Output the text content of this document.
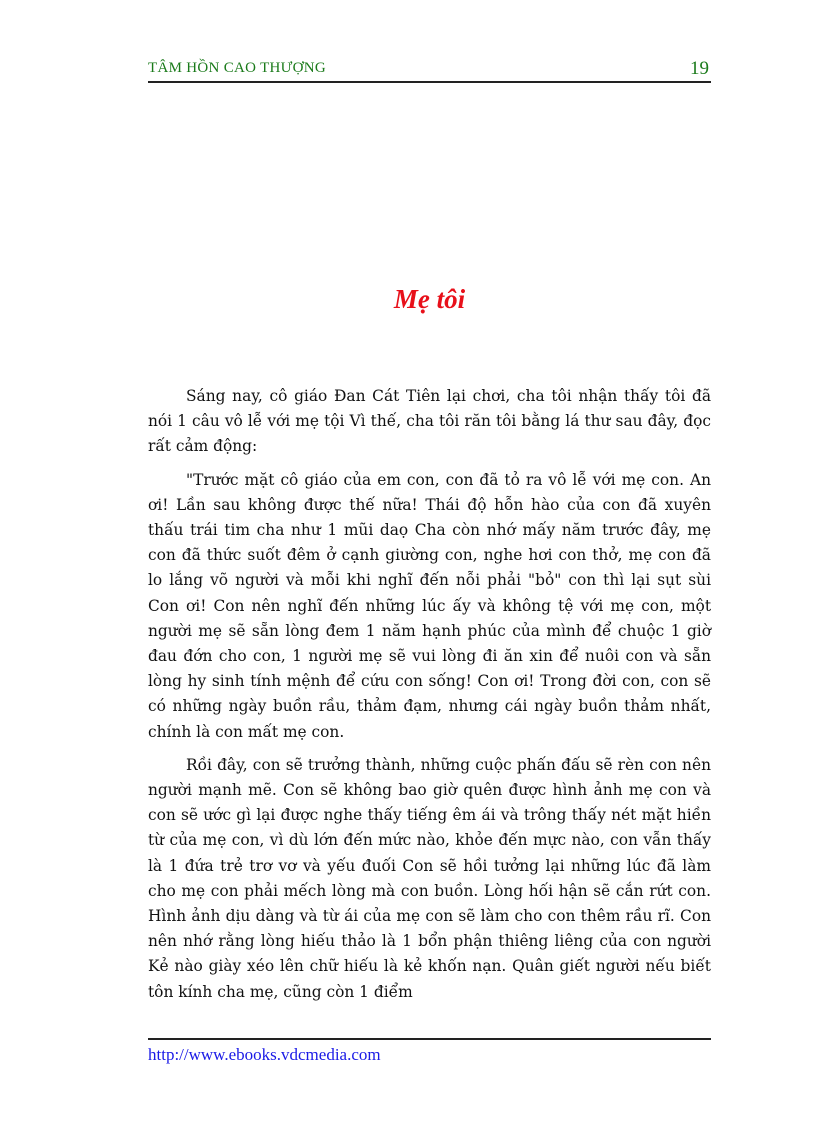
TÂM HỒN CAO THƯỢNG	19
Mẹ tôi

Sáng nay, cô giáo Đan Cát Tiên lại chơi, cha tôi nhận thấy tôi đã nói 1 câu vô lễ với mẹ tội Vì thế, cha tôi răn tôi bằng lá thư sau đây, đọc rất cảm động:

"Trước mặt cô giáo của em con, con đã tỏ ra vô lễ với mẹ con. An ơi! Lần sau không được thế nữa! Thái độ hỗn hào của con đã xuyên thấu trái tim cha như 1 mũi daọ Cha còn nhớ mấy năm trước đây, mẹ con đã thức suốt đêm ở cạnh giường con, nghe hơi con thở, mẹ con đã lo lắng võ người và mỗi khi nghĩ đến nỗi phải "bỏ" con thì lại sụt sùi Con ơi! Con nên nghĩ đến những lúc ấy và không tệ với mẹ con, một người mẹ sẽ sẵn lòng đem 1 năm hạnh phúc của mình để chuộc 1 giờ đau đớn cho con, 1 người mẹ sẽ vui lòng đi ăn xin để nuôi con và sẵn lòng hy sinh tính mệnh để cứu con sống! Con ơi! Trong đời con, con sẽ có những ngày buồn rầu, thảm đạm, nhưng cái ngày buồn thảm nhất, chính là con mất mẹ con.

Rồi đây, con sẽ trưởng thành, những cuộc phấn đấu sẽ rèn con nên người mạnh mẽ. Con sẽ không bao giờ quên được hình ảnh mẹ con và con sẽ ước gì lại được nghe thấy tiếng êm ái và trông thấy nét mặt hiền từ của mẹ con, vì dù lớn đến mức nào, khỏe đến mực nào, con vẫn thấy là 1 đứa trẻ trơ vơ và yếu đuối Con sẽ hồi tưởng lại những lúc đã làm cho mẹ con phải mếch lòng mà con buồn. Lòng hối hận sẽ cắn rứt con. Hình ảnh dịu dàng và từ ái của mẹ con sẽ làm cho con thêm rầu rĩ. Con nên nhớ rằng lòng hiếu thảo là 1 bổn phận thiêng liêng của con người Kẻ nào giày xéo lên chữ hiếu là kẻ khốn nạn. Quân giết người nếu biết tôn kính cha mẹ, cũng còn 1 điểm

http://www.ebooks.vdcmedia.com
